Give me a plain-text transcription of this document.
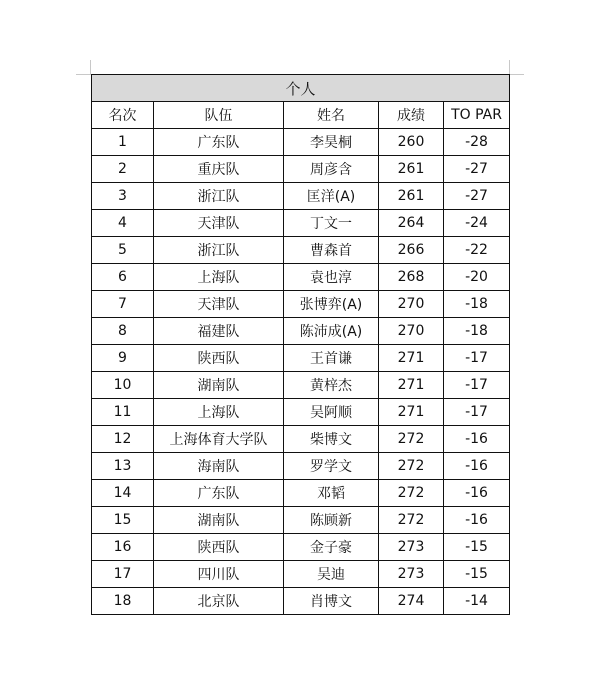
个人				
名次	队伍	姓名	成绩	TO PAR
1	广东队	李昊桐	260	-28
2	重庆队	周彦含	261	-27
3	浙江队	匡洋(A)	261	-27
4	天津队	丁文一	264	-24
5	浙江队	曹森首	266	-22
6	上海队	袁也淳	268	-20
7	天津队	张博弈(A)	270	-18
8	福建队	陈沛成(A)	270	-18
9	陕西队	王首谦	271	-17
10	湖南队	黄梓杰	271	-17
11	上海队	吴阿顺	271	-17
12	上海体育大学队	柴博文	272	-16
13	海南队	罗学文	272	-16
14	广东队	邓韬	272	-16
15	湖南队	陈顾新	272	-16
16	陕西队	金子豪	273	-15
17	四川队	吴迪	273	-15
18	北京队	肖博文	274	-14
